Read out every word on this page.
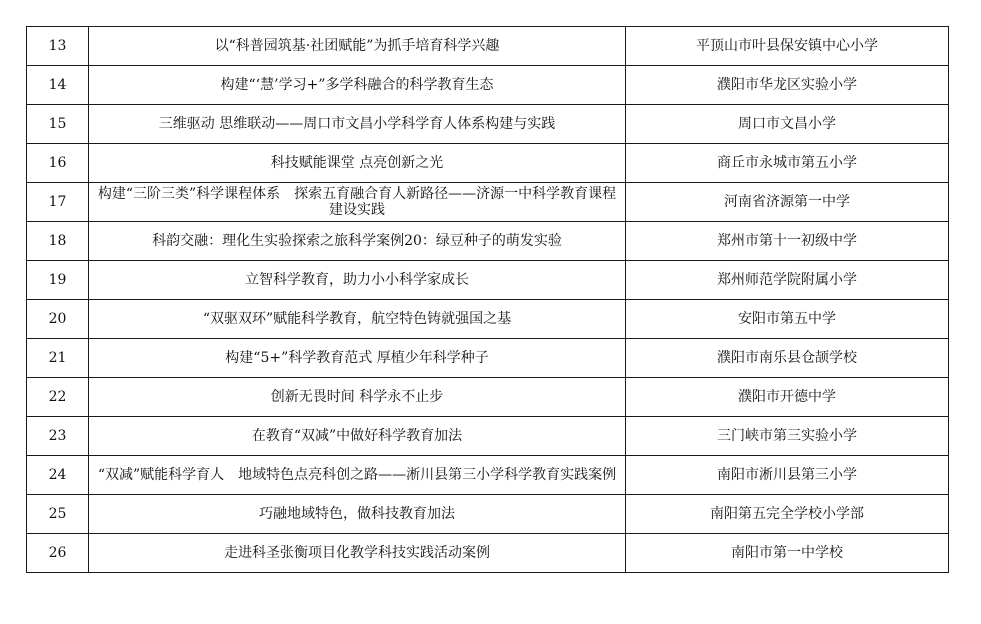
13	以“科普园筑基·社团赋能”为抓手培育科学兴趣	平顶山市叶县保安镇中心小学
14	构建“‘慧’学习+”多学科融合的科学教育生态	濮阳市华龙区实验小学
15	三维驱动 思维联动——周口市文昌小学科学育人体系构建与实践	周口市文昌小学
16	科技赋能课堂 点亮创新之光	商丘市永城市第五小学
17	构建“三阶三类”科学课程体系　探索五育融合育人新路径——济源一中科学教育课程建设实践	河南省济源第一中学
18	科韵交融：理化生实验探索之旅科学案例20：绿豆种子的萌发实验	郑州市第十一初级中学
19	立智科学教育，助力小小科学家成长	郑州师范学院附属小学
20	“双驱双环”赋能科学教育，航空特色铸就强国之基	安阳市第五中学
21	构建“5+”科学教育范式 厚植少年科学种子	濮阳市南乐县仓颉学校
22	创新无畏时间 科学永不止步	濮阳市开德中学
23	在教育“双减”中做好科学教育加法	三门峡市第三实验小学
24	“双减”赋能科学育人　地域特色点亮科创之路——淅川县第三小学科学教育实践案例	南阳市淅川县第三小学
25	巧融地域特色，做科技教育加法	南阳第五完全学校小学部
26	走进科圣张衡项目化教学科技实践活动案例	南阳市第一中学校
